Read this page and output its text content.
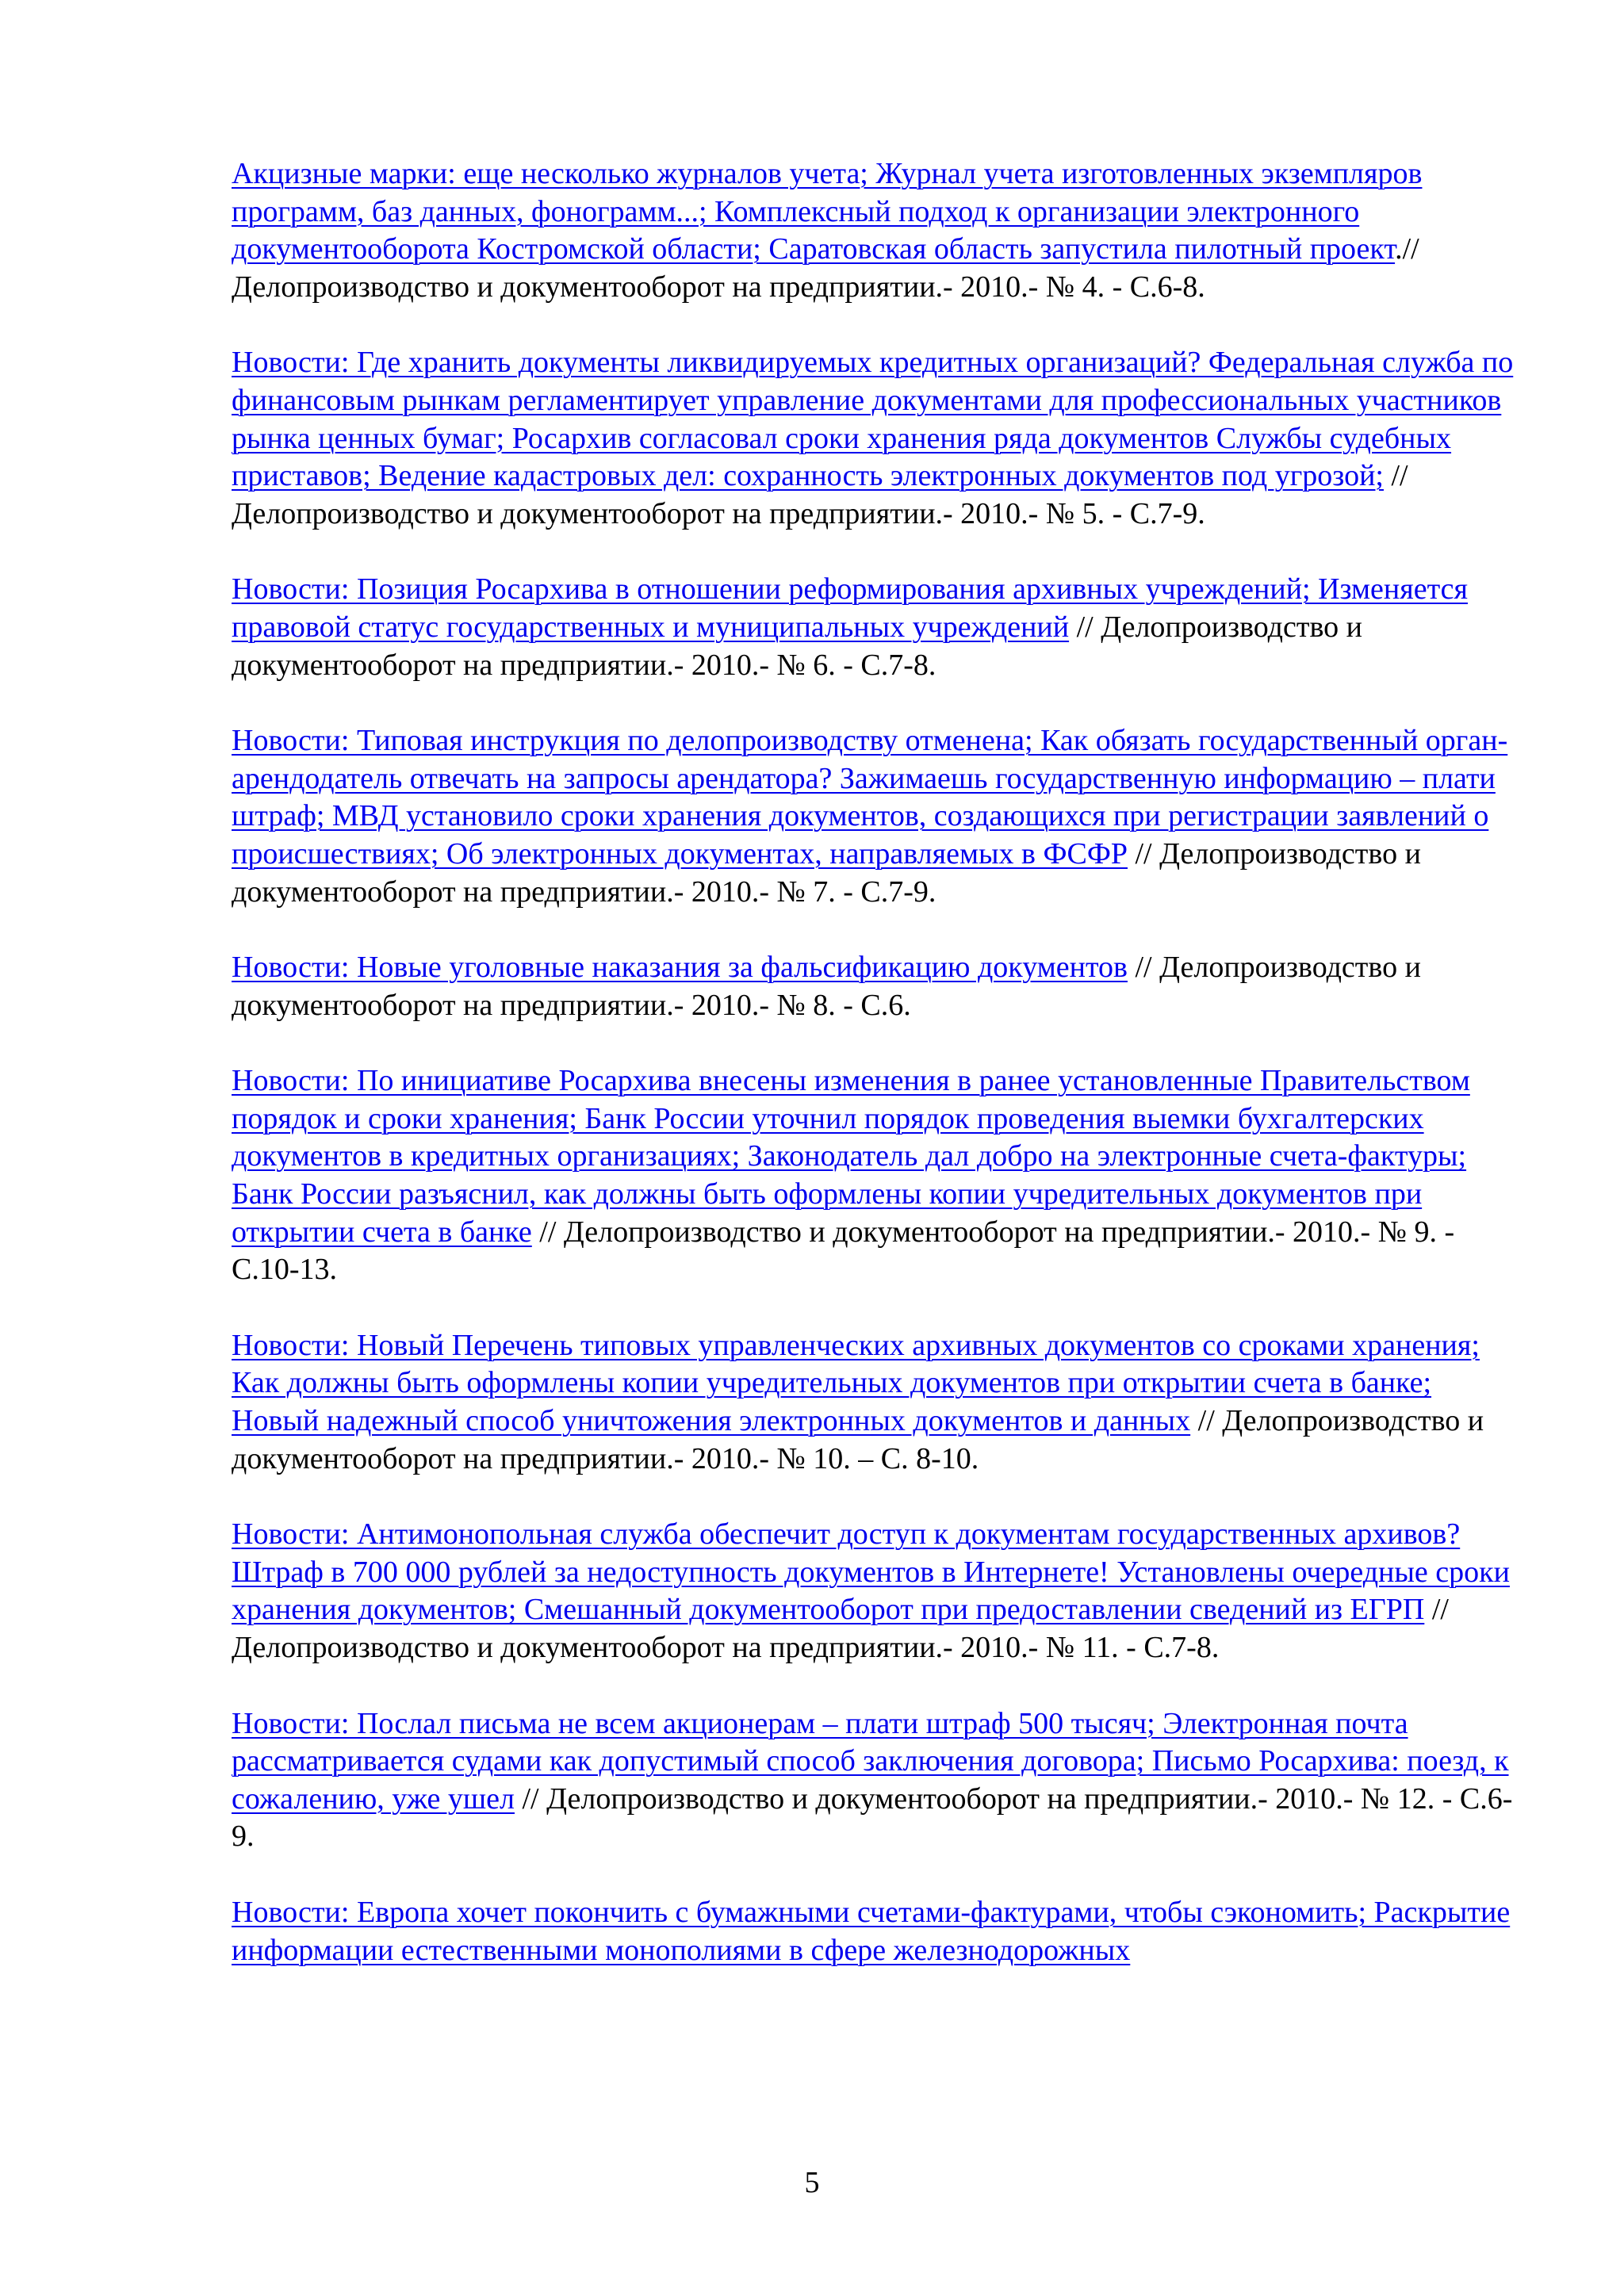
Акцизные марки: еще несколько журналов учета; Журнал учета изготовленных экземпляров программ, баз данных, фонограмм...; Комплексный подход к организации электронного документооборота Костромской области; Саратовская область запустила пилотный проект.// Делопроизводство и документооборот на предприятии.- 2010.- № 4. - С.6-8.

Новости: Где хранить документы ликвидируемых кредитных организаций? Федеральная служба по финансовым рынкам регламентирует управление документами для профессиональных участников рынка ценных бумаг; Росархив согласовал сроки хранения ряда документов Службы судебных приставов; Ведение кадастровых дел: сохранность электронных документов под угрозой; // Делопроизводство и документооборот на предприятии.- 2010.- № 5. - С.7-9.

Новости: Позиция Росархива в отношении реформирования архивных учреждений; Изменяется правовой статус государственных и муниципальных учреждений // Делопроизводство и документооборот на предприятии.- 2010.- № 6. - С.7-8.

Новости: Типовая инструкция по делопроизводству отменена; Как обязать государственный орган-арендодатель отвечать на запросы арендатора? Зажимаешь государственную информацию – плати штраф; МВД установило сроки хранения документов, создающихся при регистрации заявлений о происшествиях; Об электронных документах, направляемых в ФСФР // Делопроизводство и документооборот на предприятии.- 2010.- № 7. - С.7-9.

Новости: Новые уголовные наказания за фальсификацию документов // Делопроизводство и документооборот на предприятии.- 2010.- № 8. - С.6.

Новости: По инициативе Росархива внесены изменения в ранее установленные Правительством порядок и сроки хранения; Банк России уточнил порядок проведения выемки бухгалтерских документов в кредитных организациях; Законодатель дал добро на электронные счета-фактуры; Банк России разъяснил, как должны быть оформлены копии учредительных документов при открытии счета в банке // Делопроизводство и документооборот на предприятии.- 2010.- № 9. - С.10-13.

Новости: Новый Перечень типовых управленческих архивных документов со сроками хранения; Как должны быть оформлены копии учредительных документов при открытии счета в банке; Новый надежный способ уничтожения электронных документов и данных // Делопроизводство и документооборот на предприятии.- 2010.- № 10. – С. 8-10.

Новости: Антимонопольная служба обеспечит доступ к документам государственных архивов? Штраф в 700 000 рублей за недоступность документов в Интернете! Установлены очередные сроки хранения документов; Смешанный документооборот при предоставлении сведений из ЕГРП // Делопроизводство и документооборот на предприятии.- 2010.- № 11. - С.7-8.

Новости: Послал письма не всем акционерам – плати штраф 500 тысяч; Электронная почта рассматривается судами как допустимый способ заключения договора; Письмо Росархива: поезд, к сожалению, уже ушел // Делопроизводство и документооборот на предприятии.- 2010.- № 12. - С.6-9.

Новости: Европа хочет покончить с бумажными счетами-фактурами, чтобы сэкономить; Раскрытие информации естественными монополиями в сфере железнодорожных

5
